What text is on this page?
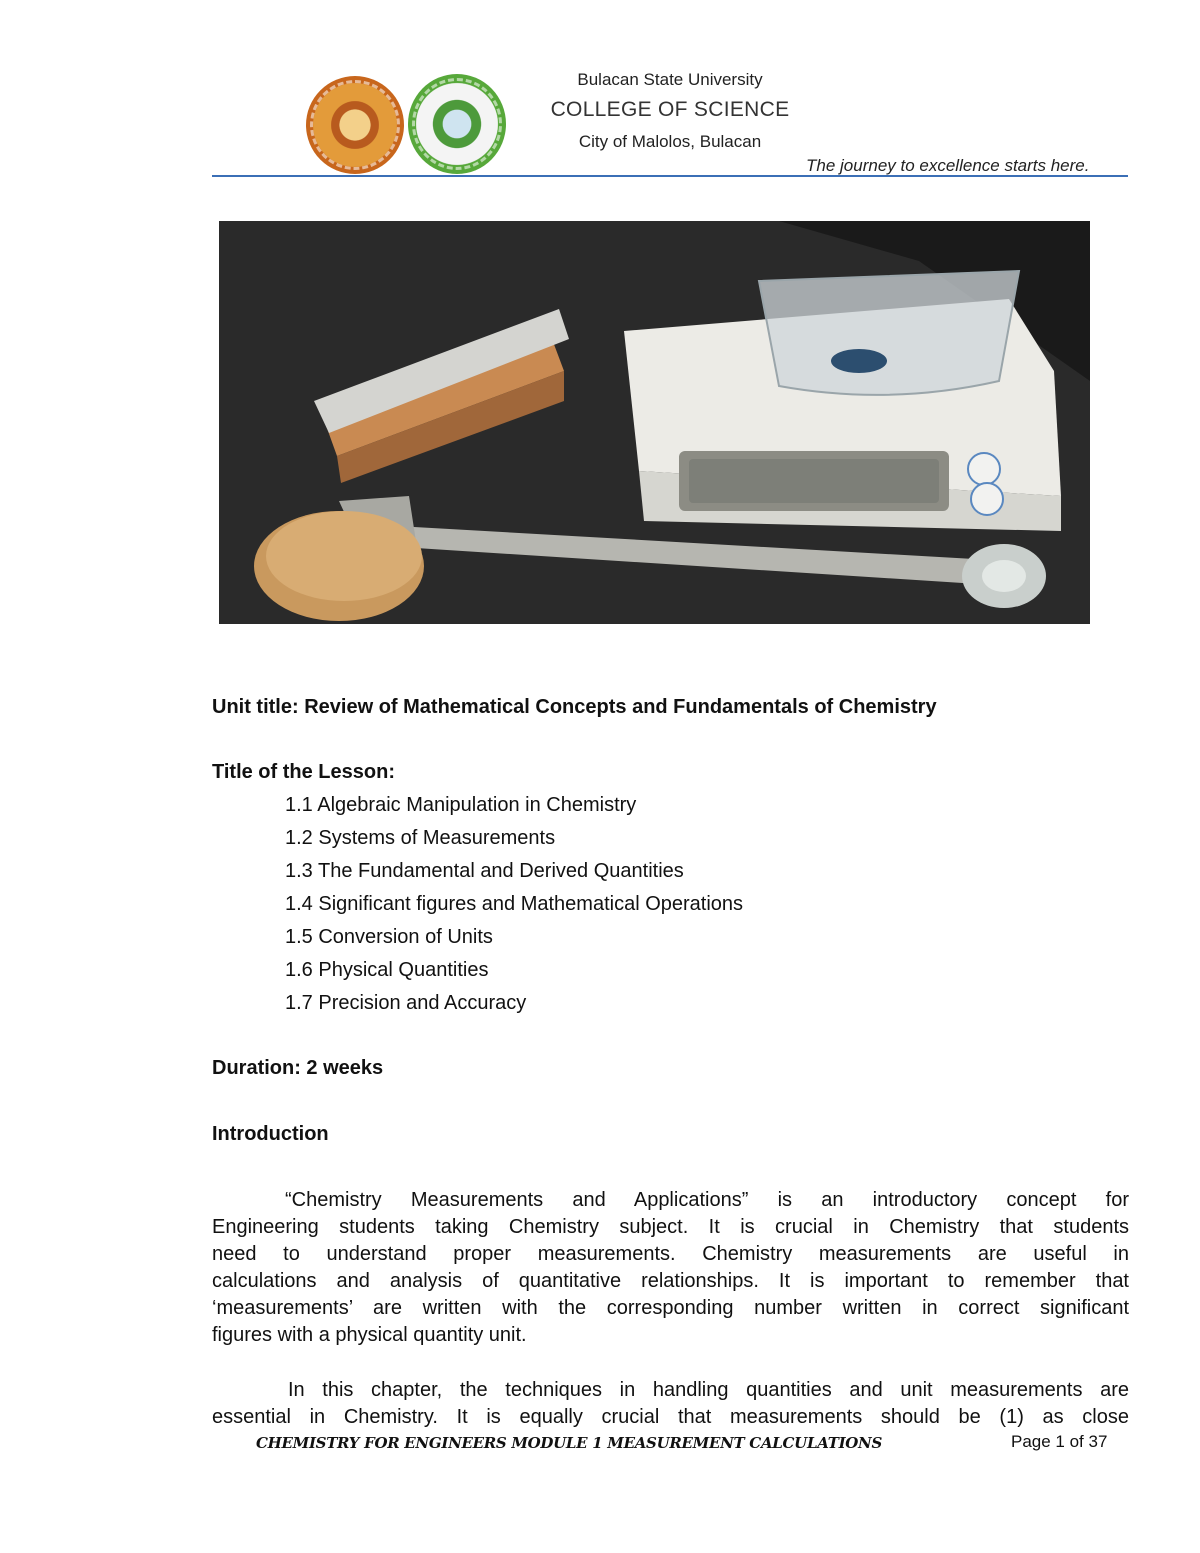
Bulacan State University
COLLEGE OF SCIENCE
City of Malolos, Bulacan
The journey to excellence starts here.
Unit title: Review of Mathematical Concepts and Fundamentals of Chemistry
Title of the Lesson:
1.1 Algebraic Manipulation in Chemistry
1.2 Systems of Measurements
1.3 The Fundamental and Derived Quantities
1.4 Significant figures and Mathematical Operations
1.5 Conversion of Units
1.6 Physical Quantities
1.7 Precision and Accuracy
Duration: 2 weeks
Introduction
“Chemistry Measurements and Applications” is an introductory concept for
Engineering students taking Chemistry subject. It is crucial in Chemistry that students
need to understand proper measurements. Chemistry measurements are useful in
calculations and analysis of quantitative relationships. It is important to remember that
‘measurements’ are written with the corresponding number written in correct significant
figures with a physical quantity unit.
In this chapter, the techniques in handling quantities and unit measurements are
essential in Chemistry. It is equally crucial that measurements should be (1) as close
CHEMISTRY FOR ENGINEERS MODULE 1 MEASUREMENT CALCULATIONS	Page 1 of 37
